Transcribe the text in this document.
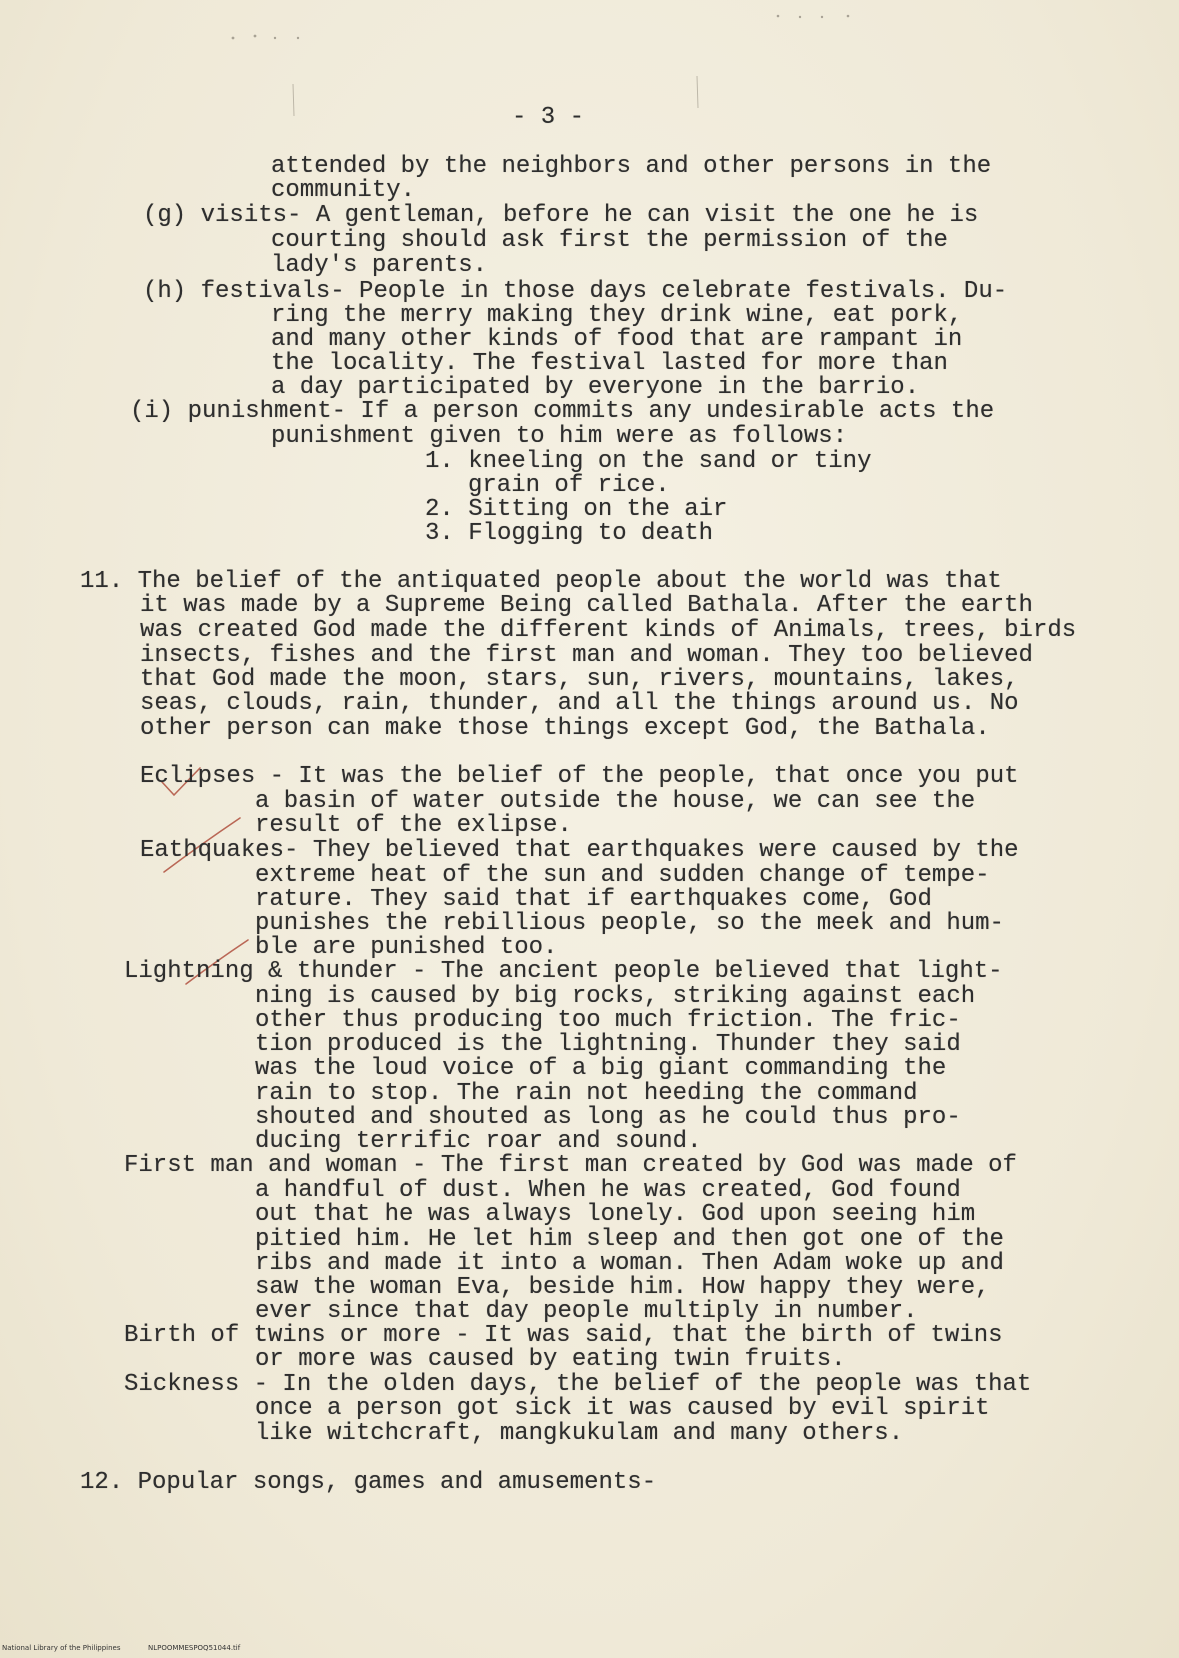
- 3 -
attended by the neighbors and other persons in the
community.
(g) visits- A gentleman, before he can visit the one he is
courting should ask first the permission of the
lady's parents.
(h) festivals- People in those days celebrate festivals. Du-
ring the merry making they drink wine, eat pork,
and many other kinds of food that are rampant in
the locality. The festival lasted for more than
a day participated by everyone in the barrio.
(i) punishment- If a person commits any undesirable acts the
punishment given to him were as follows:
1. kneeling on the sand or tiny
grain of rice.
2. Sitting on the air
3. Flogging to death
11. The belief of the antiquated people about the world was that
it was made by a Supreme Being called Bathala. After the earth
was created God made the different kinds of Animals, trees, birds
insects, fishes and the first man and woman. They too believed
that God made the moon, stars, sun, rivers, mountains, lakes,
seas, clouds, rain, thunder, and all the things around us. No
other person can make those things except God, the Bathala.
Eclipses - It was the belief of the people, that once you put
a basin of water outside the house, we can see the
result of the exlipse.
Eathquakes- They believed that earthquakes were caused by the
extreme heat of the sun and sudden change of tempe-
rature. They said that if earthquakes come, God
punishes the rebillious people, so the meek and hum-
ble are punished too.
Lightning & thunder - The ancient people believed that light-
ning is caused by big rocks, striking against each
other thus producing too much friction. The fric-
tion produced is the lightning. Thunder they said
was the loud voice of a big giant commanding the
rain to stop. The rain not heeding the command
shouted and shouted as long as he could thus pro-
ducing terrific roar and sound.
First man and woman - The first man created by God was made of
a handful of dust. When he was created, God found
out that he was always lonely. God upon seeing him
pitied him. He let him sleep and then got one of the
ribs and made it into a woman. Then Adam woke up and
saw the woman Eva, beside him. How happy they were,
ever since that day people multiply in number.
Birth of twins or more - It was said, that the birth of twins
or more was caused by eating twin fruits.
Sickness - In the olden days, the belief of the people was that
once a person got sick it was caused by evil spirit
like witchcraft, mangkukulam and many others.
12. Popular songs, games and amusements-
National Library of the Philippines	NLPOOMMESPOQ51044.tif
